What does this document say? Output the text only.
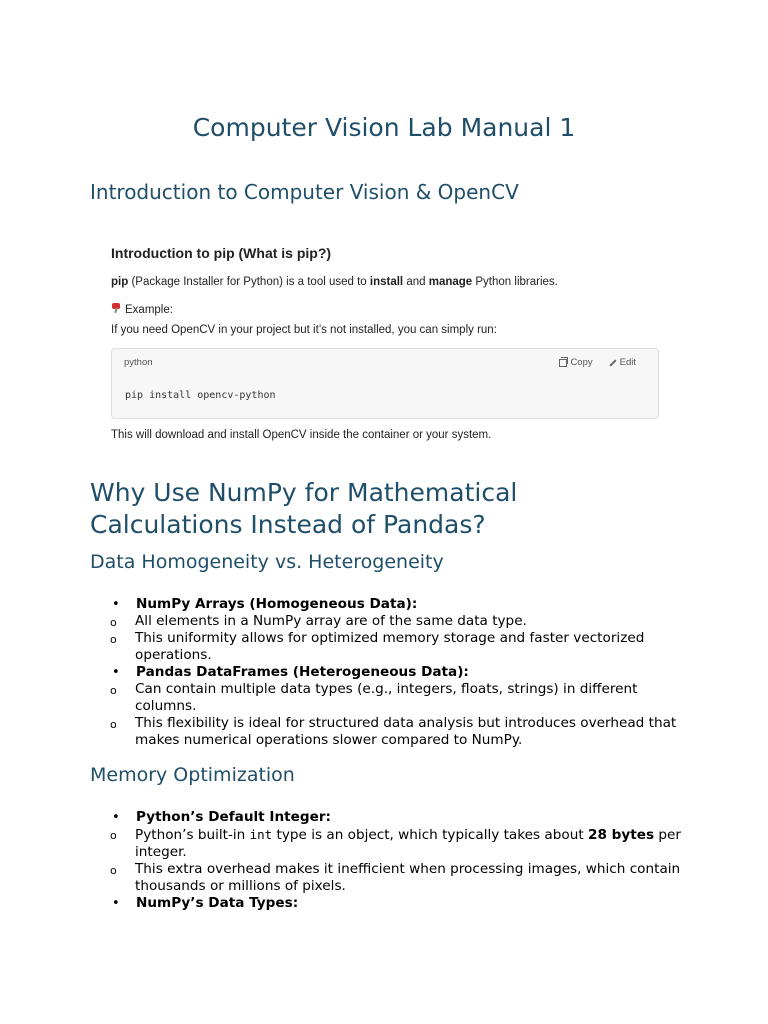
Computer Vision Lab Manual 1
Introduction to Computer Vision & OpenCV

Introduction to pip (What is pip?)

pip (Package Installer for Python) is a tool used to install and manage Python libraries.

Example:

If you need OpenCV in your project but it’s not installed, you can simply run:

python	Copy	Edit
pip install opencv-python

This will download and install OpenCV inside the container or your system.

Why Use NumPy for Mathematical Calculations Instead of Pandas?
Data Homogeneity vs. Heterogeneity
• NumPy Arrays (Homogeneous Data):
o All elements in a NumPy array are of the same data type.
o This uniformity allows for optimized memory storage and faster vectorized operations.
• Pandas DataFrames (Heterogeneous Data):
o Can contain multiple data types (e.g., integers, floats, strings) in different columns.
o This flexibility is ideal for structured data analysis but introduces overhead that makes numerical operations slower compared to NumPy.
Memory Optimization
• Python’s Default Integer:
o Python’s built-in int type is an object, which typically takes about 28 bytes per integer.
o This extra overhead makes it inefficient when processing images, which contain thousands or millions of pixels.
• NumPy’s Data Types:
